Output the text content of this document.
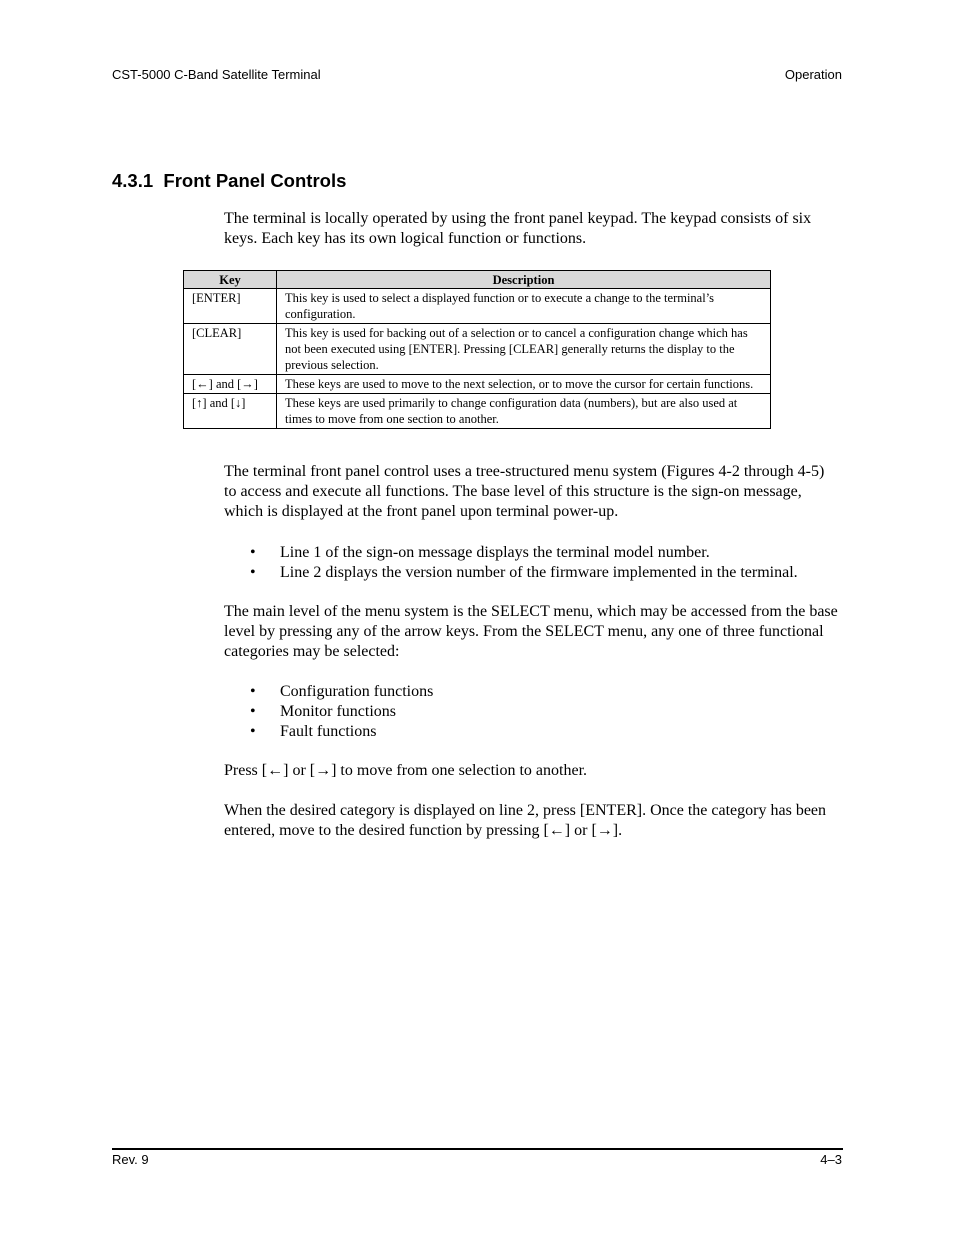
CST-5000 C-Band Satellite Terminal	Operation
4.3.1  Front Panel Controls

The terminal is locally operated by using the front panel keypad. The keypad consists of six keys. Each key has its own logical function or functions.

Key	Description
[ENTER]	This key is used to select a displayed function or to execute a change to the terminal’s configuration.
[CLEAR]	This key is used for backing out of a selection or to cancel a configuration change which has not been executed using [ENTER]. Pressing [CLEAR] generally returns the display to the previous selection.
[←] and [→]	These keys are used to move to the next selection, or to move the cursor for certain functions.
[↑] and [↓]	These keys are used primarily to change configuration data (numbers), but are also used at times to move from one section to another.

The terminal front panel control uses a tree-structured menu system (Figures 4-2 through 4-5) to access and execute all functions. The base level of this structure is the sign-on message, which is displayed at the front panel upon terminal power-up.

• Line 1 of the sign-on message displays the terminal model number.
• Line 2 displays the version number of the firmware implemented in the terminal.

The main level of the menu system is the SELECT menu, which may be accessed from the base level by pressing any of the arrow keys. From the SELECT menu, any one of three functional categories may be selected:

• Configuration functions
• Monitor functions
• Fault functions

Press [←] or [→] to move from one selection to another.

When the desired category is displayed on line 2, press [ENTER]. Once the category has been entered, move to the desired function by pressing [←] or [→].

Rev. 9	4–3
